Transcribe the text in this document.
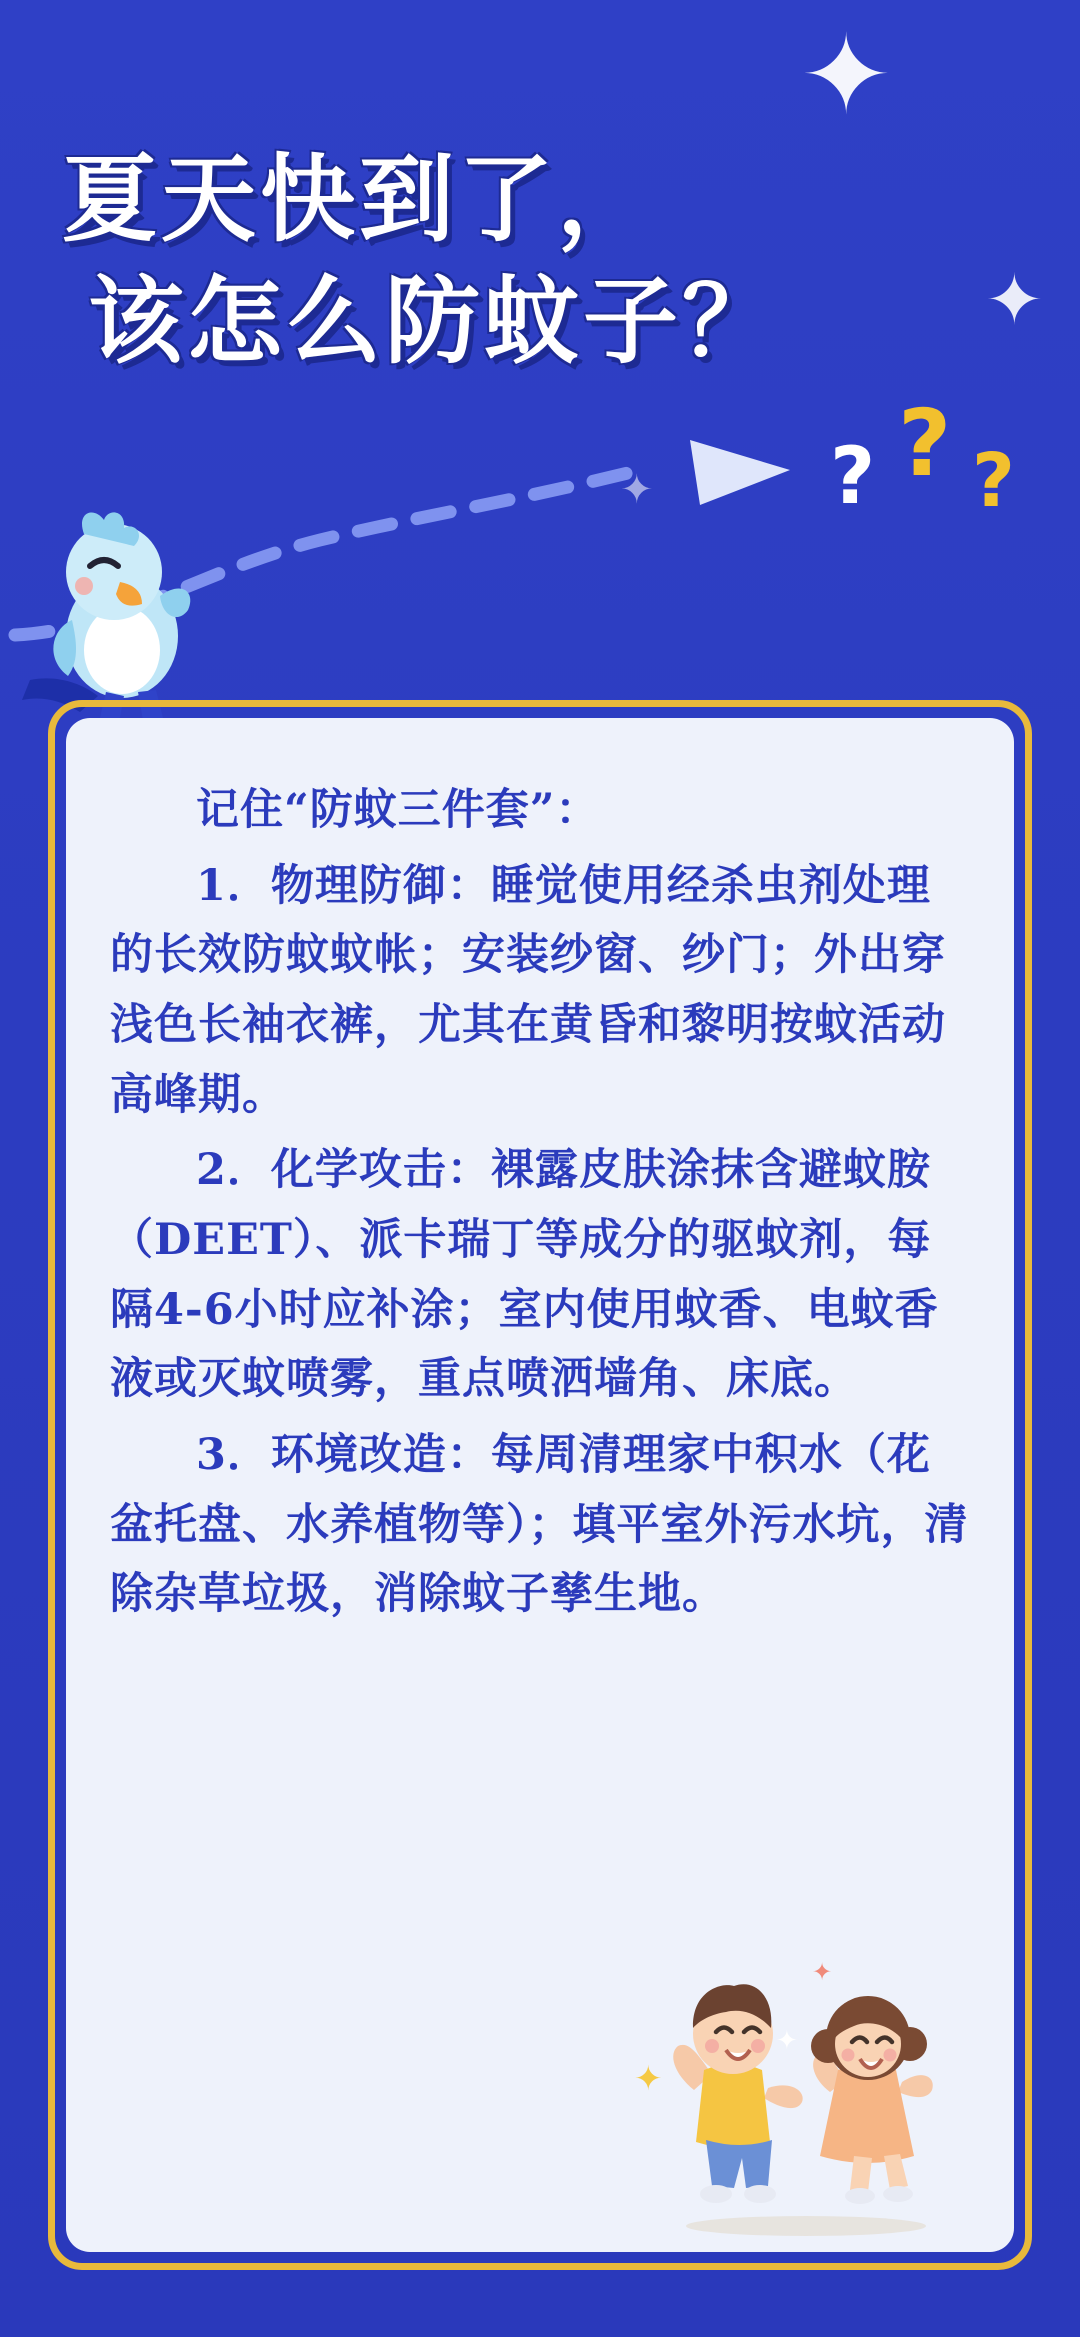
✦
✦
✦
夏天快到了，
该怎么防蚊子？
? ? ?

记住“防蚊三件套”：

1．物理防御：睡觉使用经杀虫剂处理的长效防蚊蚊帐；安装纱窗、纱门；外出穿浅色长袖衣裤，尤其在黄昏和黎明按蚊活动高峰期。

2．化学攻击：裸露皮肤涂抹含避蚊胺（DEET）、派卡瑞丁等成分的驱蚊剂，每隔4-6小时应补涂；室内使用蚊香、电蚊香液或灭蚊喷雾，重点喷洒墙角、床底。

3．环境改造：每周清理家中积水（花盆托盘、水养植物等）；填平室外污水坑，清除杂草垃圾，消除蚊子孳生地。

✦
✦
✦
